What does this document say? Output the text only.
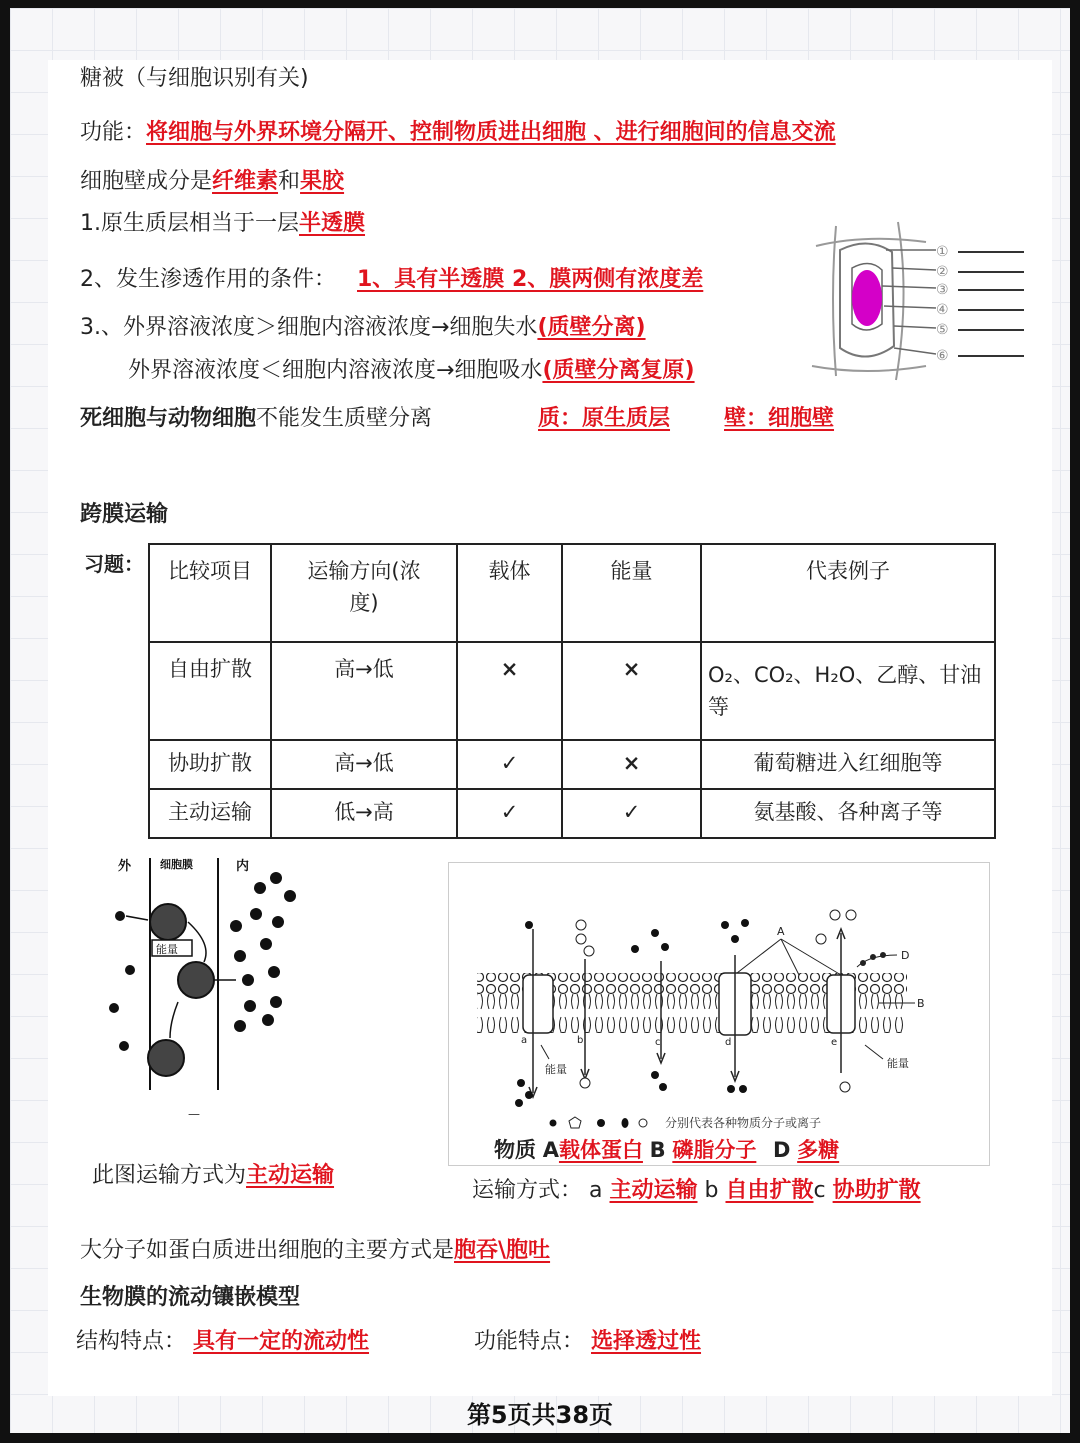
糖被（与细胞识别有关)
功能：将细胞与外界环境分隔开、控制物质进出细胞 、进行细胞间的信息交流
细胞壁成分是纤维素和果胶
1.原生质层相当于一层半透膜
2、发生渗透作用的条件： 1、具有半透膜 2、膜两侧有浓度差
3.、外界溶液浓度＞细胞内溶液浓度→细胞失水(质壁分离)
外界溶液浓度＜细胞内溶液浓度→细胞吸水(质壁分离复原)
死细胞与动物细胞不能发生质壁分离	质：原生质层 壁：细胞壁
①
②
③
④
⑤
⑥
跨膜运输
习题： 比较项目	运输方向(浓度)	载体	能量	代表例子
自由扩散	高→低	×	×	O₂、CO₂、H₂O、乙醇、甘油等
协助扩散	高→低	✓	×	葡萄糖进入红细胞等
主动运输	低→高	✓	✓	氨基酸、各种离子等
外	细胞膜	内
能量
—
此图运输方式为主动运输
B
A
D
a	b	c	d	e
能量	能量
分别代表各种物质分子或离子
物质 A载体蛋白 B 磷脂分子 D 多糖
运输方式： a 主动运输 b 自由扩散c 协助扩散
大分子如蛋白质进出细胞的主要方式是胞吞\胞吐
生物膜的流动镶嵌模型
结构特点： 具有一定的流动性	功能特点： 选择透过性
第5页共38页
